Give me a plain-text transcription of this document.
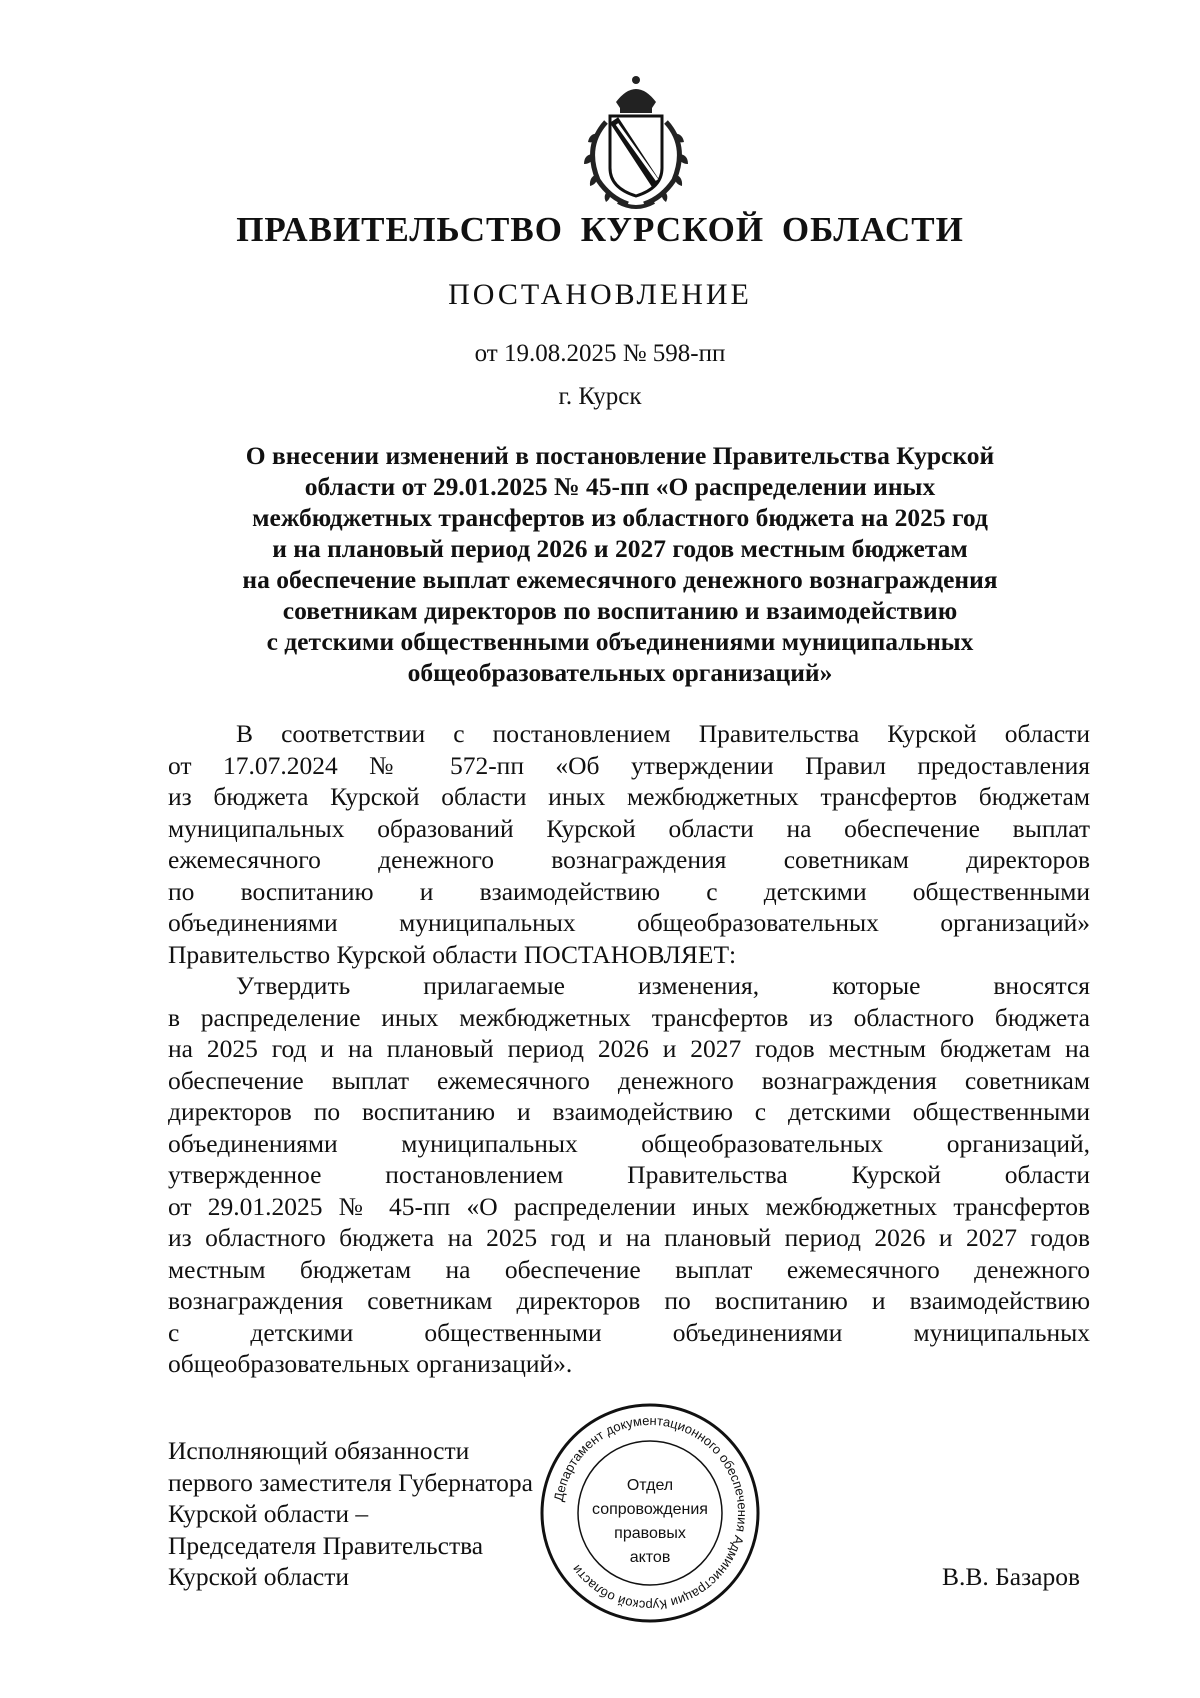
ПРАВИТЕЛЬСТВО КУРСКОЙ ОБЛАСТИ
ПОСТАНОВЛЕНИЕ
от 19.08.2025 № 598-пп
г. Курск
О внесении изменений в постановление Правительства Курской
области от 29.01.2025 № 45-пп «О распределении иных
межбюджетных трансфертов из областного бюджета на 2025 год
и на плановый период 2026 и 2027 годов местным бюджетам
на обеспечение выплат ежемесячного денежного вознаграждения
советникам директоров по воспитанию и взаимодействию
с детскими общественными объединениями муниципальных
общеобразовательных организаций»
В соответствии с постановлением Правительства Курской области
от 17.07.2024 № 572-пп «Об утверждении Правил предоставления
из бюджета Курской области иных межбюджетных трансфертов бюджетам
муниципальных образований Курской области на обеспечение выплат
ежемесячного денежного вознаграждения советникам директоров
по воспитанию и взаимодействию с детскими общественными
объединениями муниципальных общеобразовательных организаций»
Правительство Курской области ПОСТАНОВЛЯЕТ:
Утвердить прилагаемые изменения, которые вносятся
в распределение иных межбюджетных трансфертов из областного бюджета
на 2025 год и на плановый период 2026 и 2027 годов местным бюджетам на
обеспечение выплат ежемесячного денежного вознаграждения советникам
директоров по воспитанию и взаимодействию с детскими общественными
объединениями муниципальных общеобразовательных организаций,
утвержденное постановлением Правительства Курской области
от 29.01.2025 № 45-пп «О распределении иных межбюджетных трансфертов
из областного бюджета на 2025 год и на плановый период 2026 и 2027 годов
местным бюджетам на обеспечение выплат ежемесячного денежного
вознаграждения советникам директоров по воспитанию и взаимодействию
с детскими общественными объединениями муниципальных
общеобразовательных организаций».
Исполняющий обязанности
первого заместителя Губернатора
Курской области –
Председателя Правительства
Курской области	В.В. Базаров
Департамент документационного обеспечения Администрации Курской области
Отдел
сопровождения
правовых
актов
